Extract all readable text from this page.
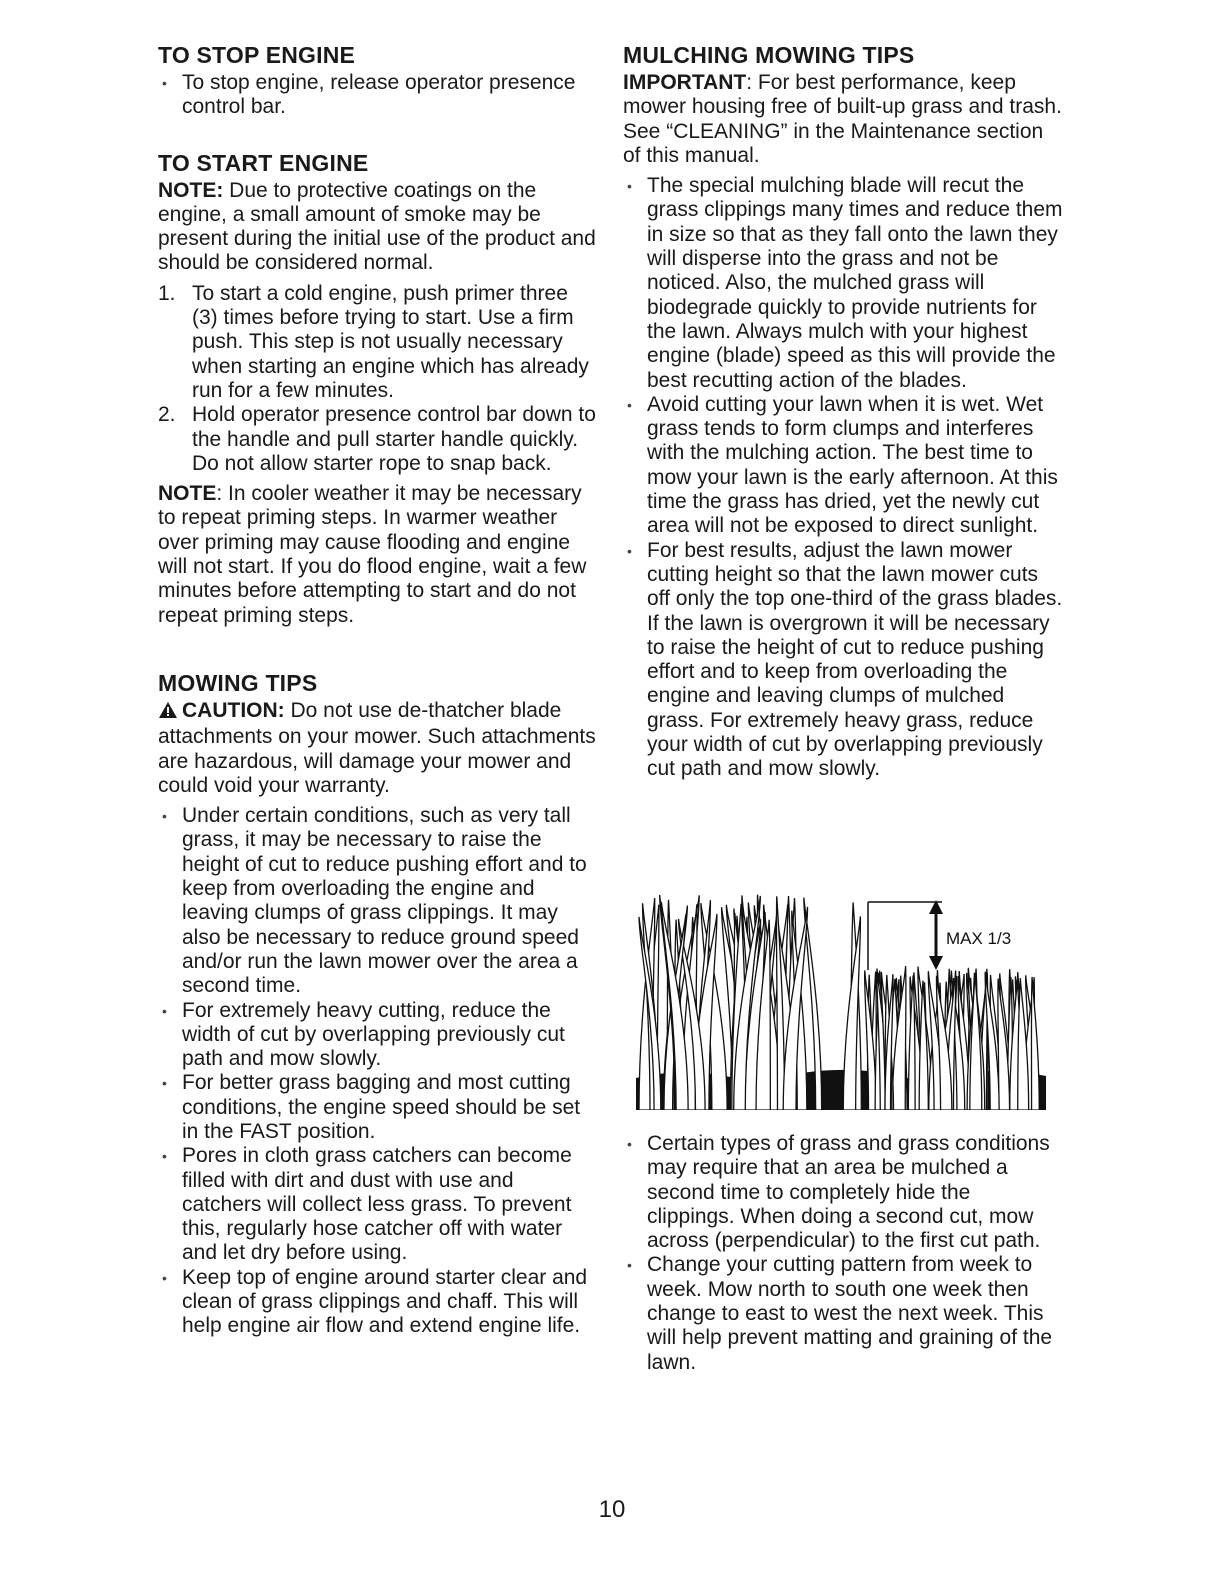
TO STOP ENGINE
• To stop engine, release operator presence control bar.
TO START ENGINE

NOTE: Due to protective coatings on the engine, a small amount of smoke may be present during the initial use of the product and should be considered normal.

1. To start a cold engine, push primer three (3) times before trying to start. Use a firm push. This step is not usually necessary when starting an engine which has already run for a few minutes.
2. Hold operator presence control bar down to the handle and pull starter handle quickly. Do not allow starter rope to snap back.

NOTE: In cooler weather it may be necessary to repeat priming steps. In warmer weather over priming may cause flooding and engine will not start. If you do flood engine, wait a few minutes before attempting to start and do not repeat priming steps.

MOWING TIPS

CAUTION: Do not use de-thatcher blade attachments on your mower. Such attachments are hazardous, will damage your mower and could void your warranty.

• Under certain conditions, such as very tall grass, it may be necessary to raise the height of cut to reduce pushing effort and to keep from overloading the engine and leaving clumps of grass clippings. It may also be necessary to reduce ground speed and/or run the lawn mower over the area a second time.
• For extremely heavy cutting, reduce the width of cut by overlapping previously cut path and mow slowly.
• For better grass bagging and most cutting conditions, the engine speed should be set in the FAST position.
• Pores in cloth grass catchers can become filled with dirt and dust with use and catchers will collect less grass. To prevent this, regularly hose catcher off with water and let dry before using.
• Keep top of engine around starter clear and clean of grass clippings and chaff. This will help engine air flow and extend engine life.
MULCHING MOWING TIPS

IMPORTANT: For best performance, keep mower housing free of built-up grass and trash. See “CLEANING” in the Maintenance section of this manual.

• The special mulching blade will recut the grass clippings many times and reduce them in size so that as they fall onto the lawn they will disperse into the grass and not be noticed. Also, the mulched grass will biodegrade quickly to provide nutrients for the lawn. Always mulch with your highest engine (blade) speed as this will provide the best recutting action of the blades.
• Avoid cutting your lawn when it is wet. Wet grass tends to form clumps and interferes with the mulching action. The best time to mow your lawn is the early afternoon. At this time the grass has dried, yet the newly cut area will not be exposed to direct sunlight.
• For best results, adjust the lawn mower cutting height so that the lawn mower cuts off only the top one-third of the grass blades. If the lawn is overgrown it will be necessary to raise the height of cut to reduce pushing effort and to keep from overloading the engine and leaving clumps of mulched grass. For extremely heavy grass, reduce your width of cut by overlapping previously cut path and mow slowly.
MAX 1/3
• Certain types of grass and grass conditions may require that an area be mulched a second time to completely hide the clippings. When doing a second cut, mow across (perpendicular) to the first cut path.
• Change your cutting pattern from week to week. Mow north to south one week then change to east to west the next week. This will help prevent matting and graining of the lawn.
10
